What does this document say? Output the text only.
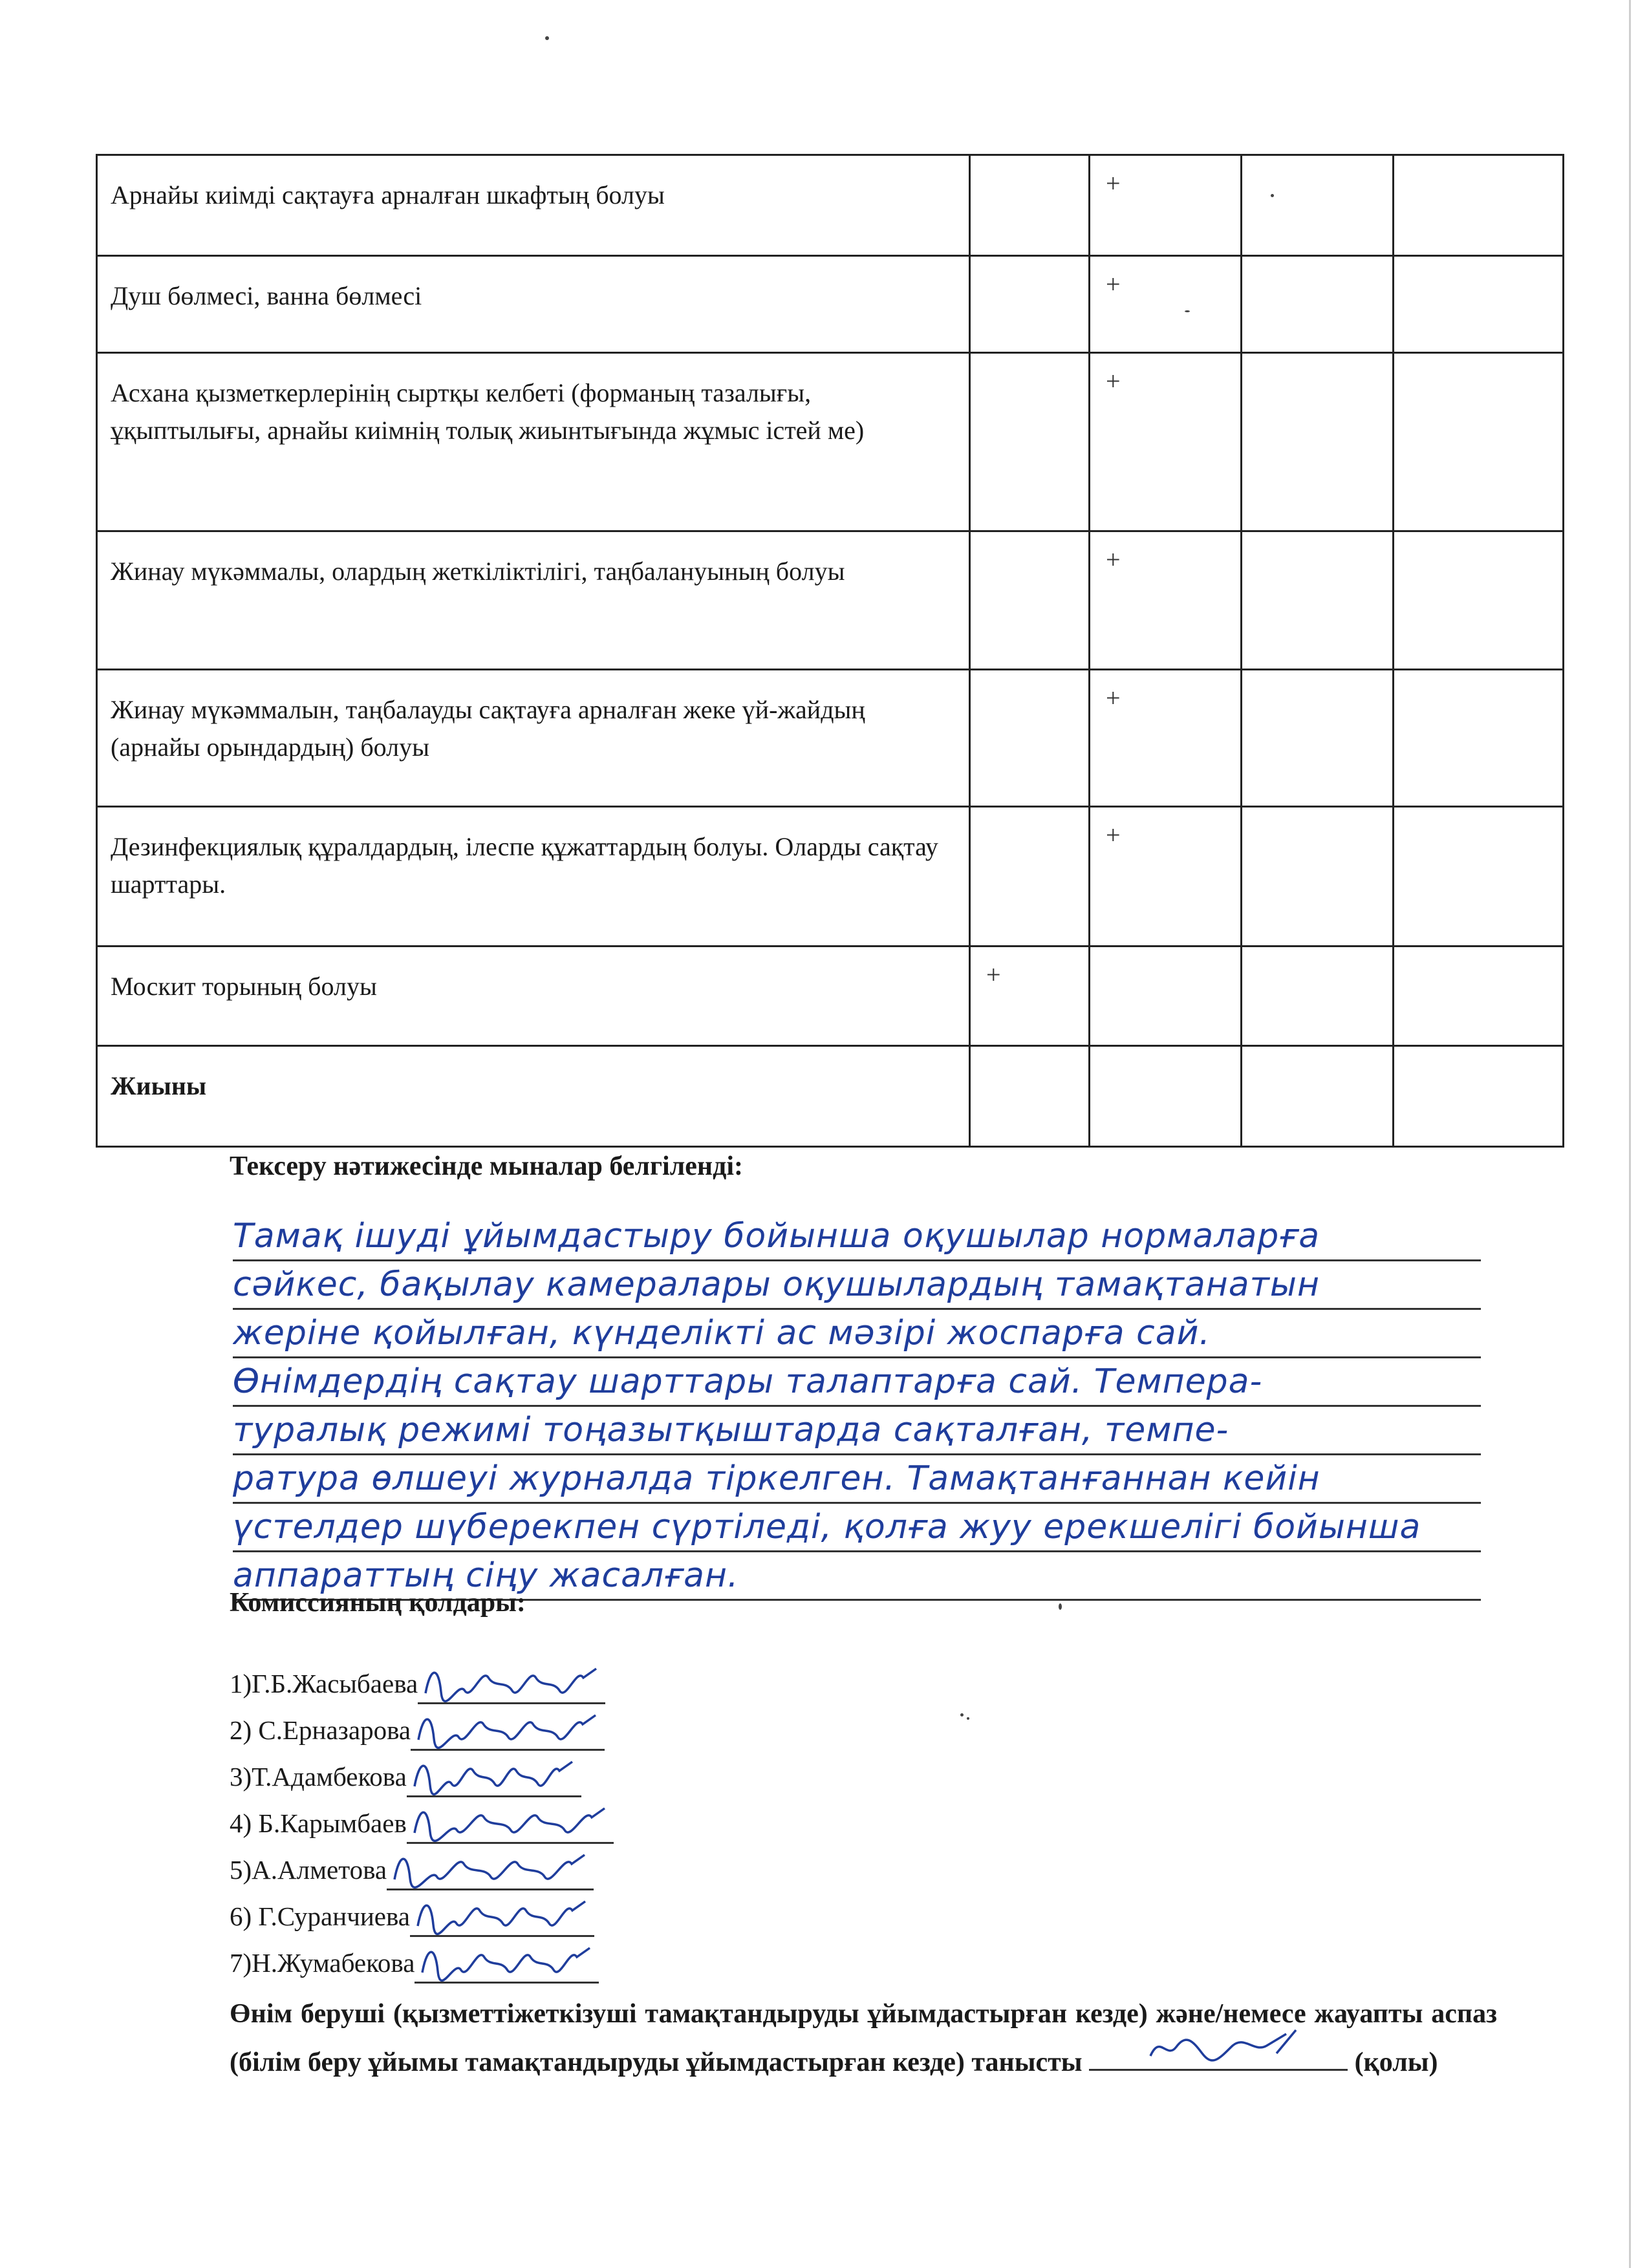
Арнайы киімді сақтауға арналған шкафтың болуы		+		
Душ бөлмесі, ванна бөлмесі		+		
Асхана қызметкерлерінің сыртқы келбеті (форманың тазалығы, ұқыптылығы, арнайы киімнің толық жиынтығында жұмыс істей ме)		+		
Жинау мүкәммалы, олардың жеткіліктілігі, таңбалануының болуы		+		
Жинау мүкәммалын, таңбалауды сақтауға арналған жеке үй-жайдың (арнайы орындардың) болуы		+		
Дезинфекциялық құралдардың, ілеспе құжаттардың болуы. Оларды сақтау шарттары.		+		
Москит торының болуы	+			
Жиыны				
Тексеру нәтижесінде мыналар белгіленді:
Тамақ ішуді ұйымдастыру бойынша оқушылар нормаларға
сәйкес, бақылау камералары оқушылардың тамақтанатын
жеріне қойылған, күнделікті ас мәзірі жоспарға сай.
Өнімдердің сақтау шарттары талаптарға сай. Темпера-
туралық режимі тоңазытқыштарда сақталған, темпе-
ратура өлшеуі журналда тіркелген. Тамақтанғаннан кейін
үстелдер шүберекпен сүртіледі, қолға жуу ерекшелігі бойынша
аппараттың сіңу жасалған.
Комиссияның қолдары:
1)Г.Б.Жасыбаева
2) С.Ерназарова
3)Т.Адамбекова
4) Б.Карымбаев
5)А.Алметова
6) Г.Суранчиева
7)Н.Жумабекова
Өнім беруші (қызметтіжеткізуші тамақтандыруды ұйымдастырған кезде) және/немесе жауапты аспаз (білім беру ұйымы тамақтандыруды ұйымдастырған кезде) танысты	(қолы)
